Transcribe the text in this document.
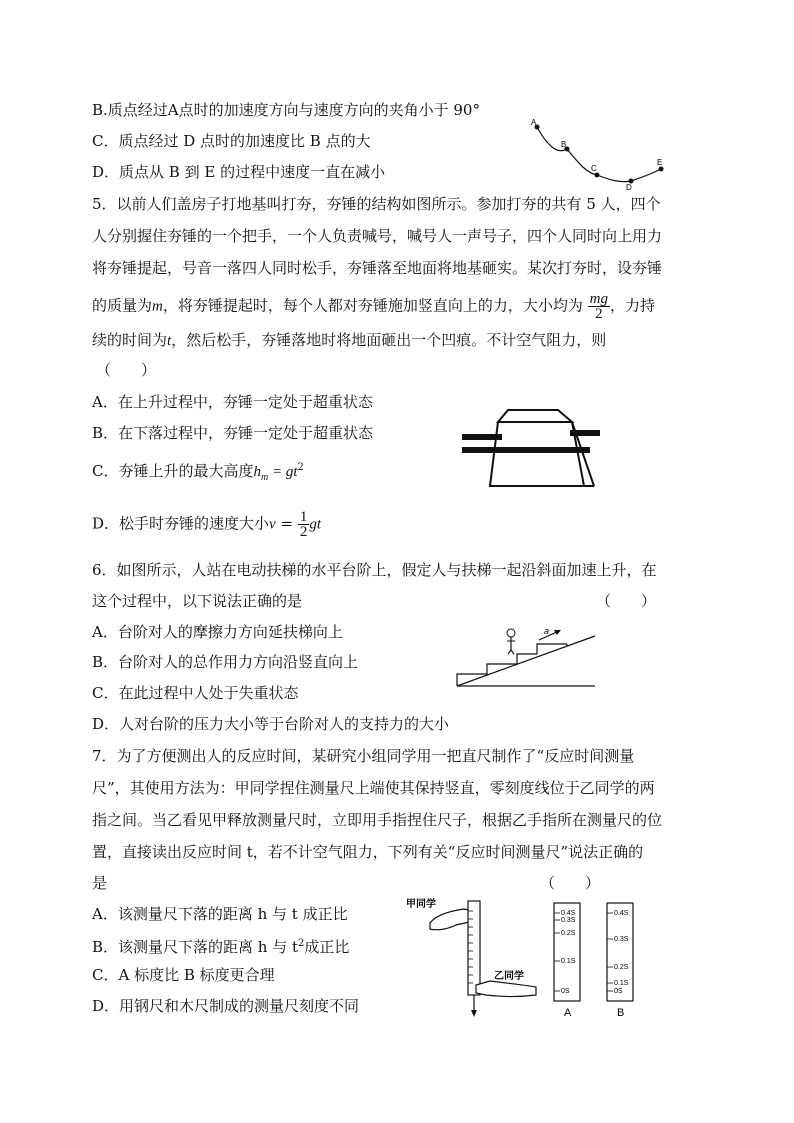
B.质点经过A点时的加速度方向与速度方向的夹角小于 90°
C．质点经过 D 点时的加速度比 B 点的大
D．质点从 B 到 E 的过程中速度一直在减小
A
B
C
D
E
5．以前人们盖房子打地基叫打夯，夯锤的结构如图所示。参加打夯的共有 5 人，四个
人分别握住夯锤的一个把手，一个人负责喊号，喊号人一声号子，四个人同时向上用力
将夯锤提起，号音一落四人同时松手，夯锤落至地面将地基砸实。某次打夯时，设夯锤
的质量为m，将夯锤提起时，每个人都对夯锤施加竖直向上的力，大小均为 $\frac{mg}{2}$ ，力持
续的时间为t，然后松手，夯锤落地时将地面砸出一个凹痕。不计空气阻力，则
（　　）
A．在上升过程中，夯锤一定处于超重状态
B．在下落过程中，夯锤一定处于超重状态
C．夯锤上升的最大高度$h_m = gt^2$
D．松手时夯锤的速度大小$v = \frac{1}{2}$ gt
6．如图所示，人站在电动扶梯的水平台阶上，假定人与扶梯一起沿斜面加速上升，在
这个过程中，以下说法正确的是	（　　）
A．台阶对人的摩擦力方向延扶梯向上
B．台阶对人的总作用力方向沿竖直向上
C．在此过程中人处于失重状态
D．人对台阶的压力大小等于台阶对人的支持力的大小
a
7．为了方便测出人的反应时间，某研究小组同学用一把直尺制作了“反应时间测量
尺”，其使用方法为：甲同学捏住测量尺上端使其保持竖直，零刻度线位于乙同学的两
指之间。当乙看见甲释放测量尺时，立即用手指捏住尺子，根据乙手指所在测量尺的位
置，直接读出反应时间 t，若不计空气阻力，下列有关“反应时间测量尺”说法正确的
是	（　　）
A．该测量尺下落的距离 h 与 t 成正比
B．该测量尺下落的距离 h 与 $t^2$成正比
C．A 标度比 B 标度更合理
D．用钢尺和木尺制成的测量尺刻度不同
甲同学
乙同学
0.4S
0.3S
0.2S
0.1S
0S
A
0.4S
0.3S
0.2S
0.1S
0S
B
